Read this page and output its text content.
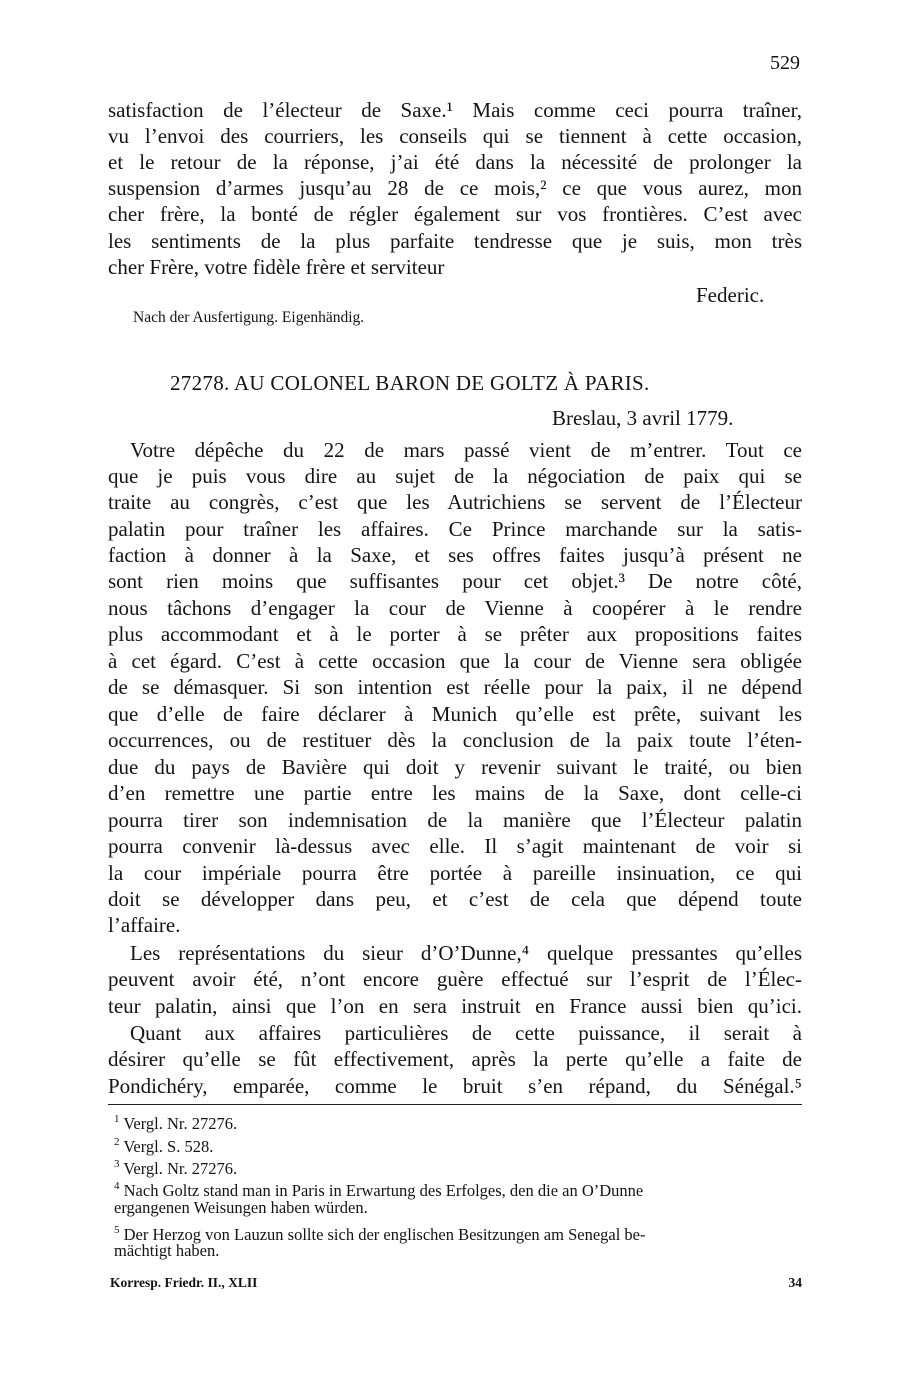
529
satisfaction de l’électeur de Saxe.¹ Mais comme ceci pourra traîner,
vu l’envoi des courriers, les conseils qui se tiennent à cette occasion,
et le retour de la réponse, j’ai été dans la nécessité de prolonger la
suspension d’armes jusqu’au 28 de ce mois,² ce que vous aurez, mon
cher frère, la bonté de régler également sur vos frontières. C’est avec
les sentiments de la plus parfaite tendresse que je suis, mon très
cher Frère, votre fidèle frère et serviteur
Federic.
Nach der Ausfertigung. Eigenhändig.
27278. AU COLONEL BARON DE GOLTZ À PARIS.
Breslau, 3 avril 1779.
Votre dépêche du 22 de mars passé vient de m’entrer. Tout ce
que je puis vous dire au sujet de la négociation de paix qui se
traite au congrès, c’est que les Autrichiens se servent de l’Électeur
palatin pour traîner les affaires. Ce Prince marchande sur la satis-
faction à donner à la Saxe, et ses offres faites jusqu’à présent ne
sont rien moins que suffisantes pour cet objet.³ De notre côté,
nous tâchons d’engager la cour de Vienne à coopérer à le rendre
plus accommodant et à le porter à se prêter aux propositions faites
à cet égard. C’est à cette occasion que la cour de Vienne sera obligée
de se démasquer. Si son intention est réelle pour la paix, il ne dépend
que d’elle de faire déclarer à Munich qu’elle est prête, suivant les
occurrences, ou de restituer dès la conclusion de la paix toute l’éten-
due du pays de Bavière qui doit y revenir suivant le traité, ou bien
d’en remettre une partie entre les mains de la Saxe, dont celle-ci
pourra tirer son indemnisation de la manière que l’Électeur palatin
pourra convenir là-dessus avec elle. Il s’agit maintenant de voir si
la cour impériale pourra être portée à pareille insinuation, ce qui
doit se développer dans peu, et c’est de cela que dépend toute
l’affaire.
Les représentations du sieur d’O’Dunne,⁴ quelque pressantes qu’elles
peuvent avoir été, n’ont encore guère effectué sur l’esprit de l’Élec-
teur palatin, ainsi que l’on en sera instruit en France aussi bien qu’ici.
Quant aux affaires particulières de cette puissance, il serait à
désirer qu’elle se fût effectivement, après la perte qu’elle a faite de
Pondichéry, emparée, comme le bruit s’en répand, du Sénégal.⁵
$^1$ Vergl. Nr. 27276.
$^2$ Vergl. S. 528.
$^3$ Vergl. Nr. 27276.
$^4$ Nach Goltz stand man in Paris in Erwartung des Erfolges, den die an O’Dunne
ergangenen Weisungen haben würden.
$^5$ Der Herzog von Lauzun sollte sich der englischen Besitzungen am Senegal be-
mächtigt haben.
Korresp. Friedr. II., XLII	34
